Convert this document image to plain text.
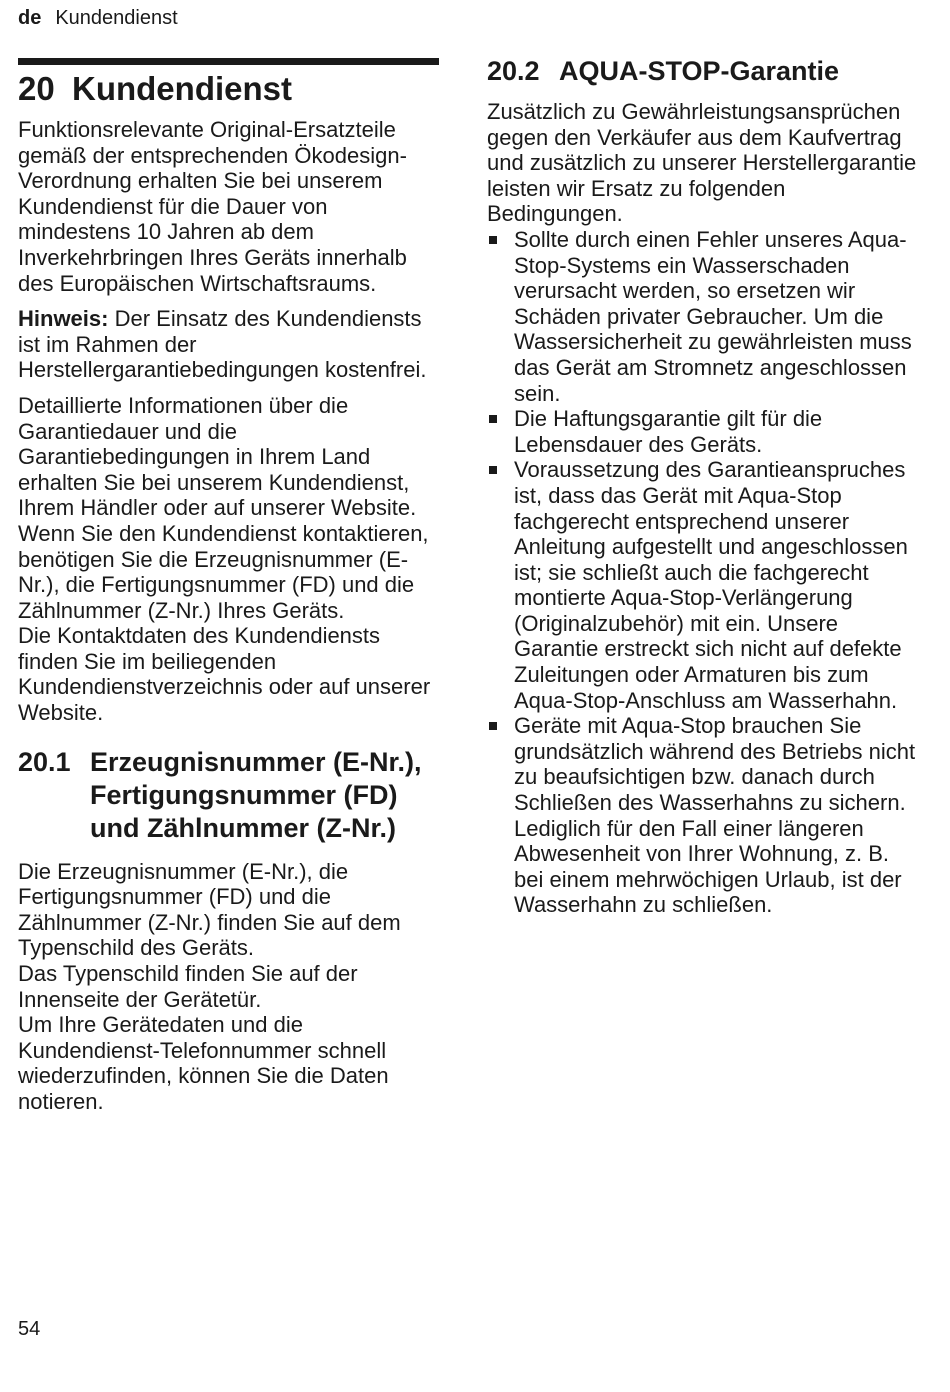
de Kundendienst
20 Kundendienst

Funktionsrelevante Original-Ersatzteile gemäß der entsprechenden Ökodesign-Verordnung erhalten Sie bei unserem Kundendienst für die Dauer von mindestens 10 Jahren ab dem Inverkehrbringen Ihres Geräts innerhalb des Europäischen Wirtschaftsraums.

Hinweis: Der Einsatz des Kundendiensts ist im Rahmen der Herstellergarantiebedingungen kostenfrei.

Detaillierte Informationen über die Garantiedauer und die Garantiebedingungen in Ihrem Land erhalten Sie bei unserem Kundendienst, Ihrem Händler oder auf unserer Website.

Wenn Sie den Kundendienst kontaktieren, benötigen Sie die Erzeugnisnummer (E-Nr.), die Fertigungsnummer (FD) und die Zählnummer (Z-Nr.) Ihres Geräts.

Die Kontaktdaten des Kundendiensts finden Sie im beiliegenden Kundendienstverzeichnis oder auf unserer Website.

20.1 Erzeugnisnummer (E-Nr.), Fertigungsnummer (FD) und Zählnummer (Z-Nr.)

Die Erzeugnisnummer (E-Nr.), die Fertigungsnummer (FD) und die Zählnummer (Z-Nr.) finden Sie auf dem Typenschild des Geräts.

Das Typenschild finden Sie auf der Innenseite der Gerätetür.

Um Ihre Gerätedaten und die Kundendienst-Telefonnummer schnell wiederzufinden, können Sie die Daten notieren.

20.2 AQUA-STOP-Garantie

Zusätzlich zu Gewährleistungsansprüchen gegen den Verkäufer aus dem Kaufvertrag und zusätzlich zu unserer Herstellergarantie leisten wir Ersatz zu folgenden Bedingungen.

Sollte durch einen Fehler unseres Aqua-Stop-Systems ein Wasserschaden verursacht werden, so ersetzen wir Schäden privater Gebraucher. Um die Wassersicherheit zu gewährleisten muss das Gerät am Stromnetz angeschlossen sein.
Die Haftungsgarantie gilt für die Lebensdauer des Geräts.
Voraussetzung des Garantieanspruches ist, dass das Gerät mit Aqua-Stop fachgerecht entsprechend unserer Anleitung aufgestellt und angeschlossen ist; sie schließt auch die fachgerecht montierte Aqua-Stop-Verlängerung (Originalzubehör) mit ein. Unsere Garantie erstreckt sich nicht auf defekte Zuleitungen oder Armaturen bis zum Aqua-Stop-Anschluss am Wasserhahn.
Geräte mit Aqua-Stop brauchen Sie grundsätzlich während des Betriebs nicht zu beaufsichtigen bzw. danach durch Schließen des Wasserhahns zu sichern. Lediglich für den Fall einer längeren Abwesenheit von Ihrer Wohnung, z. B. bei einem mehrwöchigen Urlaub, ist der Wasserhahn zu schließen.
54
